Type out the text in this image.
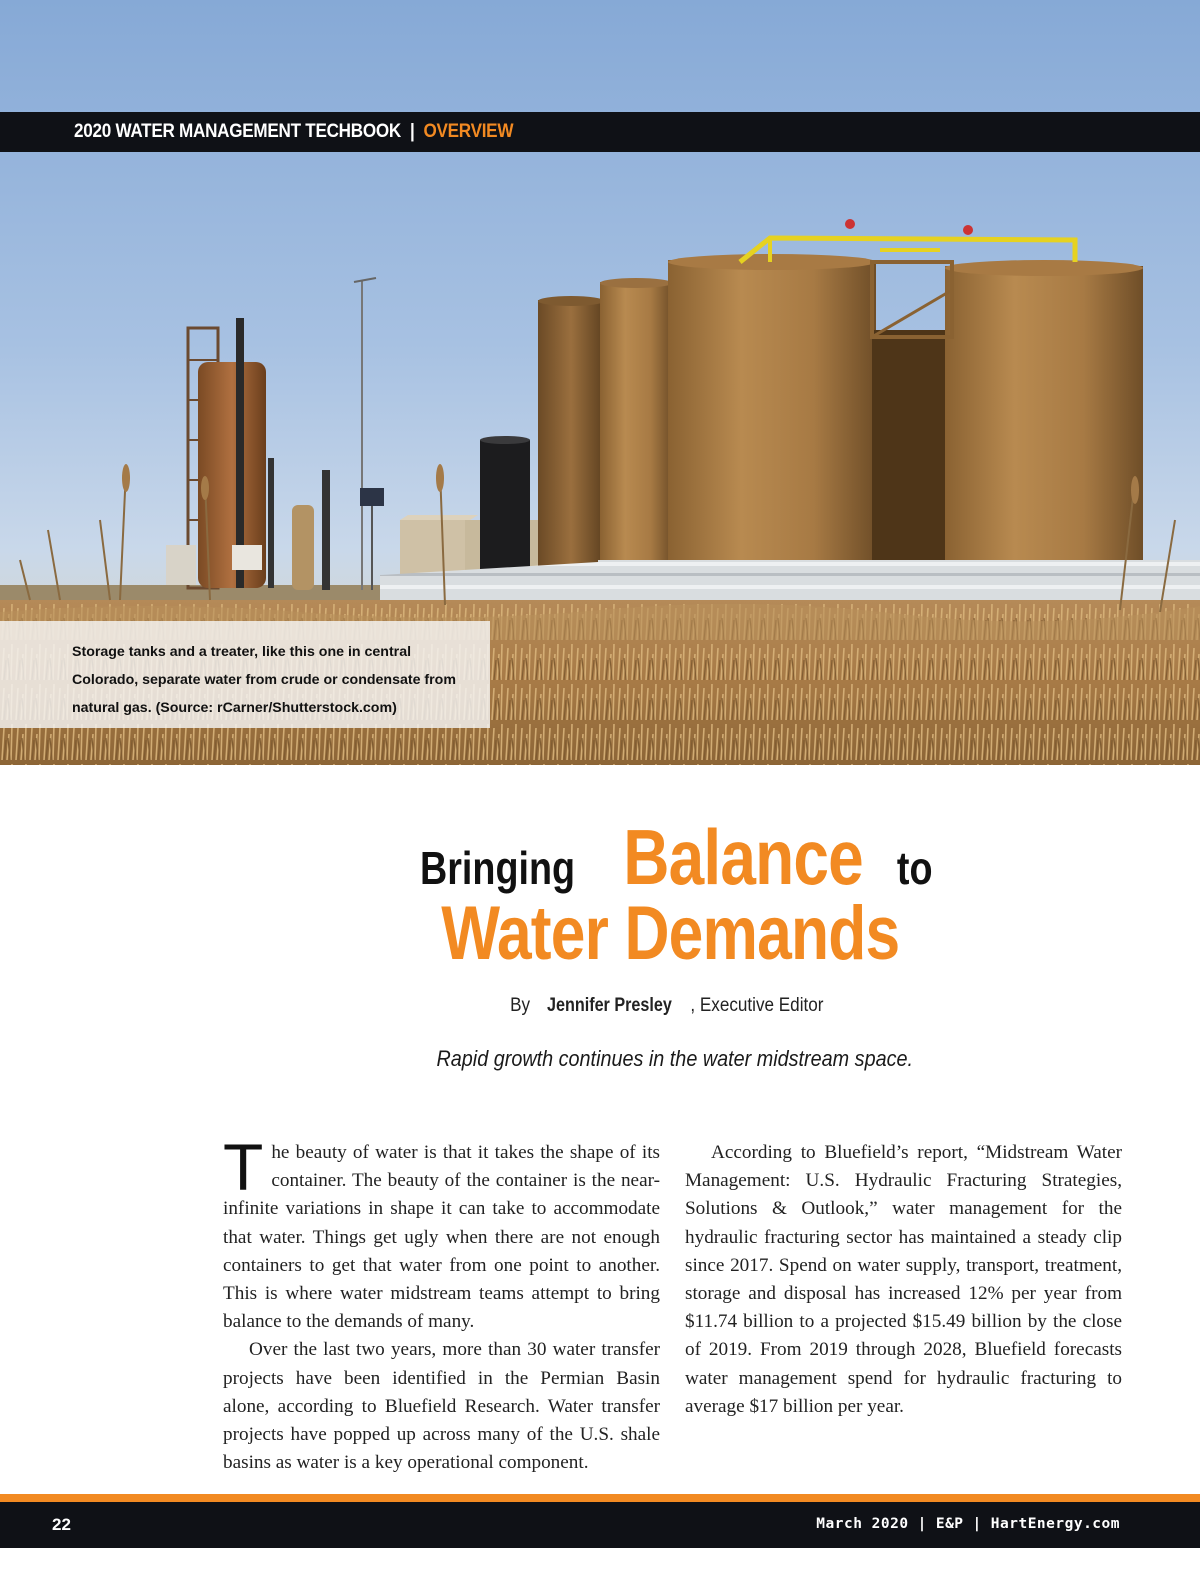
2020 WATER MANAGEMENT TECHBOOK | OVERVIEW

Storage tanks and a treater, like this one in central Colorado, separate water from crude or condensate from natural gas. (Source: rCarner/Shutterstock.com)

Bringing Balance to
Water Demands
By Jennifer Presley , Executive Editor
Rapid growth continues in the water midstream space.

The beauty of water is that it takes the shape of its container. The beauty of the container is the near-infinite variations in shape it can take to accommodate that water. Things get ugly when there are not enough containers to get that water from one point to another. This is where water midstream teams attempt to bring balance to the demands of many.

Over the last two years, more than 30 water transfer projects have been identified in the Permian Basin alone, according to Bluefield Research. Water transfer projects have popped up across many of the U.S. shale basins as water is a key operational component.

According to Bluefield’s report, “Midstream Water Management: U.S. Hydraulic Fracturing Strategies, Solutions & Outlook,” water management for the hydraulic fracturing sector has maintained a steady clip since 2017. Spend on water supply, transport, treatment, storage and disposal has increased 12% per year from $11.74 billion to a projected $15.49 billion by the close of 2019. From 2019 through 2028, Bluefield forecasts water management spend for hydraulic fracturing to average $17 billion per year.

22	March 2020 | E&P | HartEnergy.com
